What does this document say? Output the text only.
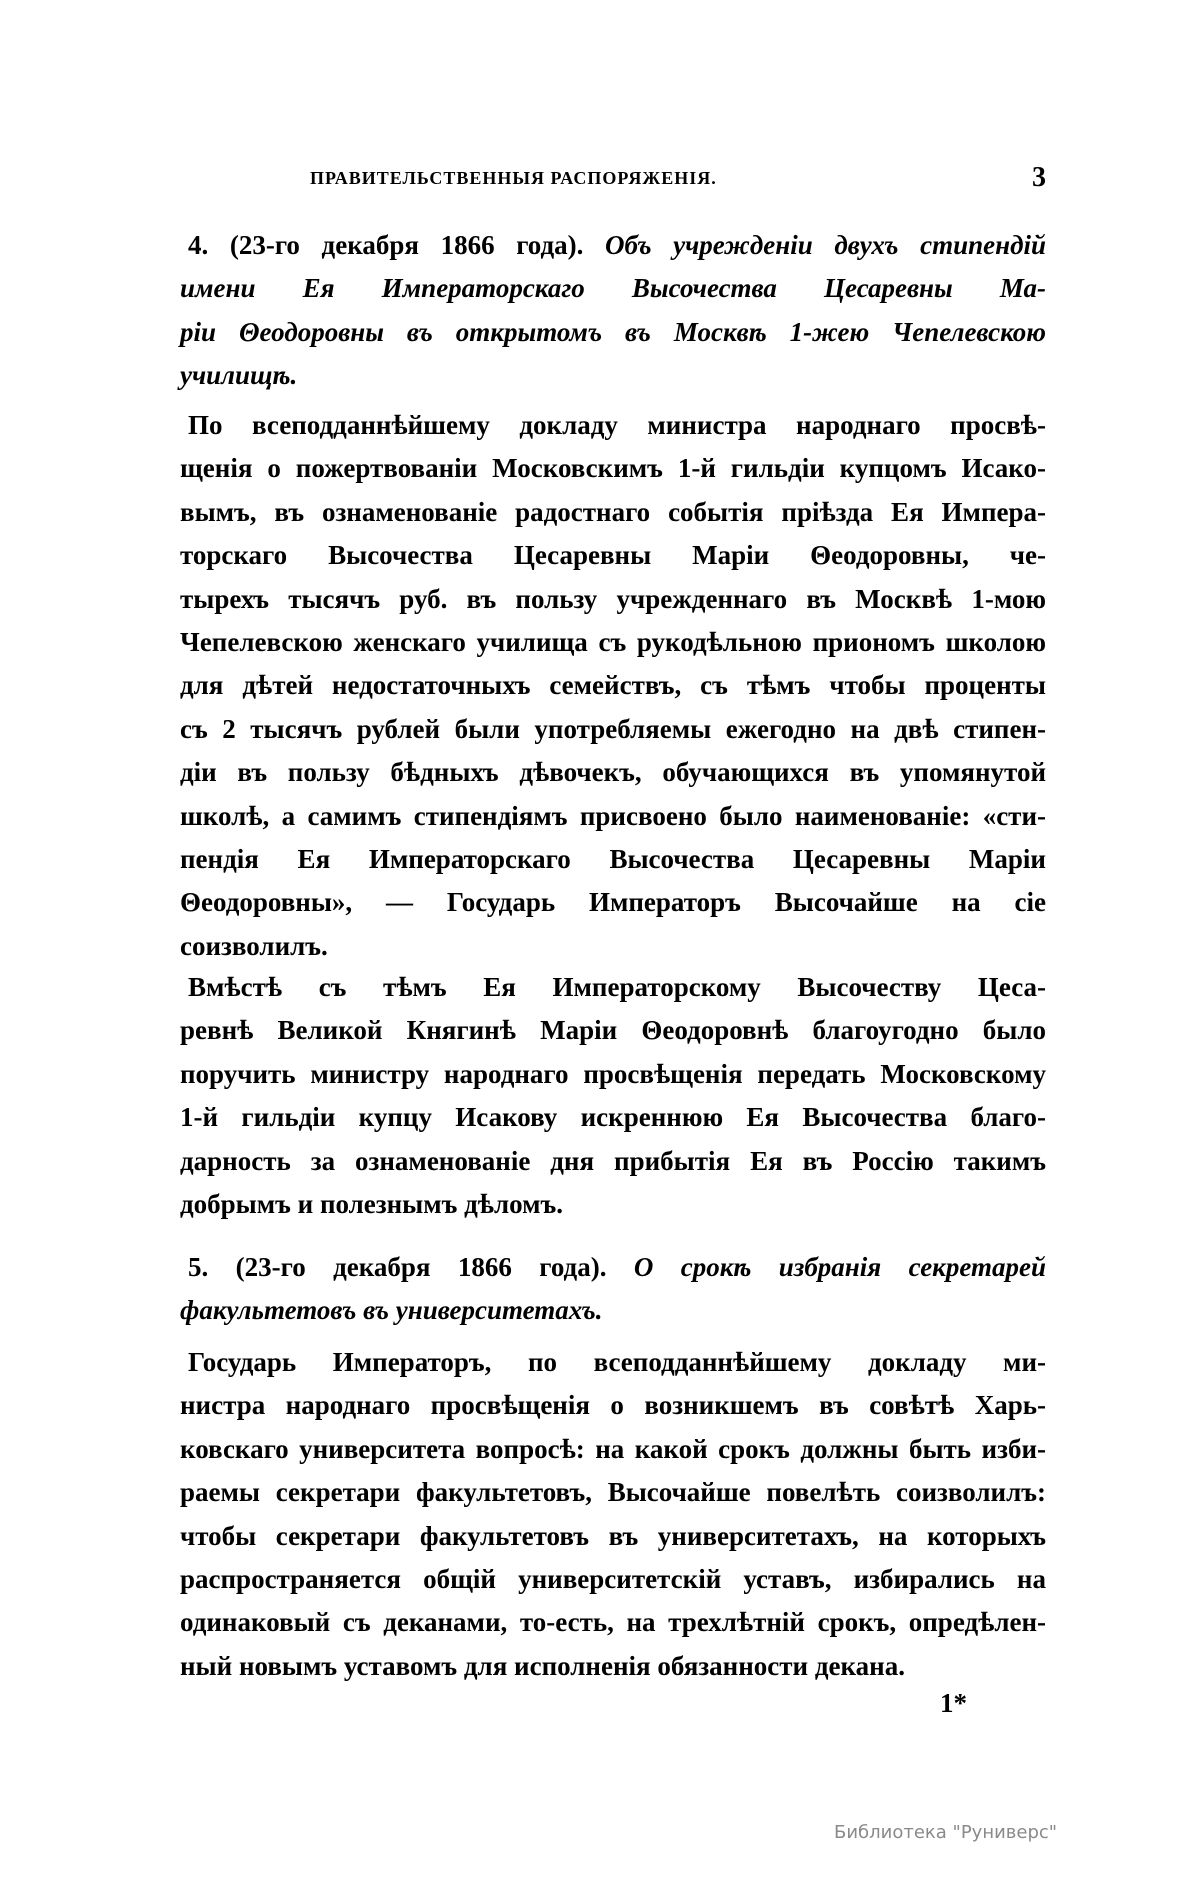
ПРАВИТЕЛЬСТВЕННЫЯ РАСПОРЯЖЕНІЯ.	3
4. (23-го декабря 1866 года). Объ учрежденіи двухъ стипендій
имени Ея Императорскаго Высочества Цесаревны Ма-
ріи Θеодоровны въ открытомъ въ Москвѣ 1-жею Чепелевскою
училищѣ.
По всеподданнѣйшему докладу министра народнаго просвѣ-
щенія о пожертвованіи Московскимъ 1-й гильдіи купцомъ Исако-
вымъ, въ ознаменованіе радостнаго событія пріѣзда Ея Импера-
торскаго Высочества Цесаревны Маріи Θеодоровны, че-
тырехъ тысячъ руб. въ пользу учрежденнаго въ Москвѣ 1-мою
Чепелевскою женскаго училища съ рукодѣльною приономъ школою
для дѣтей недостаточныхъ семействъ, съ тѣмъ чтобы проценты
съ 2 тысячъ рублей были употребляемы ежегодно на двѣ стипен-
діи въ пользу бѣдныхъ дѣвочекъ, обучающихся въ упомянутой
школѣ, а самимъ стипендіямъ присвоено было наименованіе: «сти-
пендія Ея Императорскаго Высочества Цесаревны Маріи
Θеодоровны», — Государь Императоръ Высочайше на сіе
соизволилъ.
Вмѣстѣ съ тѣмъ Ея Императорскому Высочеству Цеса-
ревнѣ Великой Княгинѣ Маріи Θеодоровнѣ благоугодно было
поручить министру народнаго просвѣщенія передать Московскому
1-й гильдіи купцу Исакову искреннюю Ея Высочества благо-
дарность за ознаменованіе дня прибытія Ея въ Россію такимъ
добрымъ и полезнымъ дѣломъ.
5. (23-го декабря 1866 года). О срокѣ избранія секретарей
факультетовъ въ университетахъ.
Государь Императоръ, по всеподданнѣйшему докладу ми-
нистра народнаго просвѣщенія о возникшемъ въ совѣтѣ Харь-
ковскаго университета вопросѣ: на какой срокъ должны быть изби-
раемы секретари факультетовъ, Высочайше повелѣть соизволилъ:
чтобы секретари факультетовъ въ университетахъ, на которыхъ
распространяется общій университетскій уставъ, избирались на
одинаковый съ деканами, то-есть, на трехлѣтній срокъ, опредѣлен-
ный новымъ уставомъ для исполненія обязанности декана.
1*
Библиотека "Руниверс"
